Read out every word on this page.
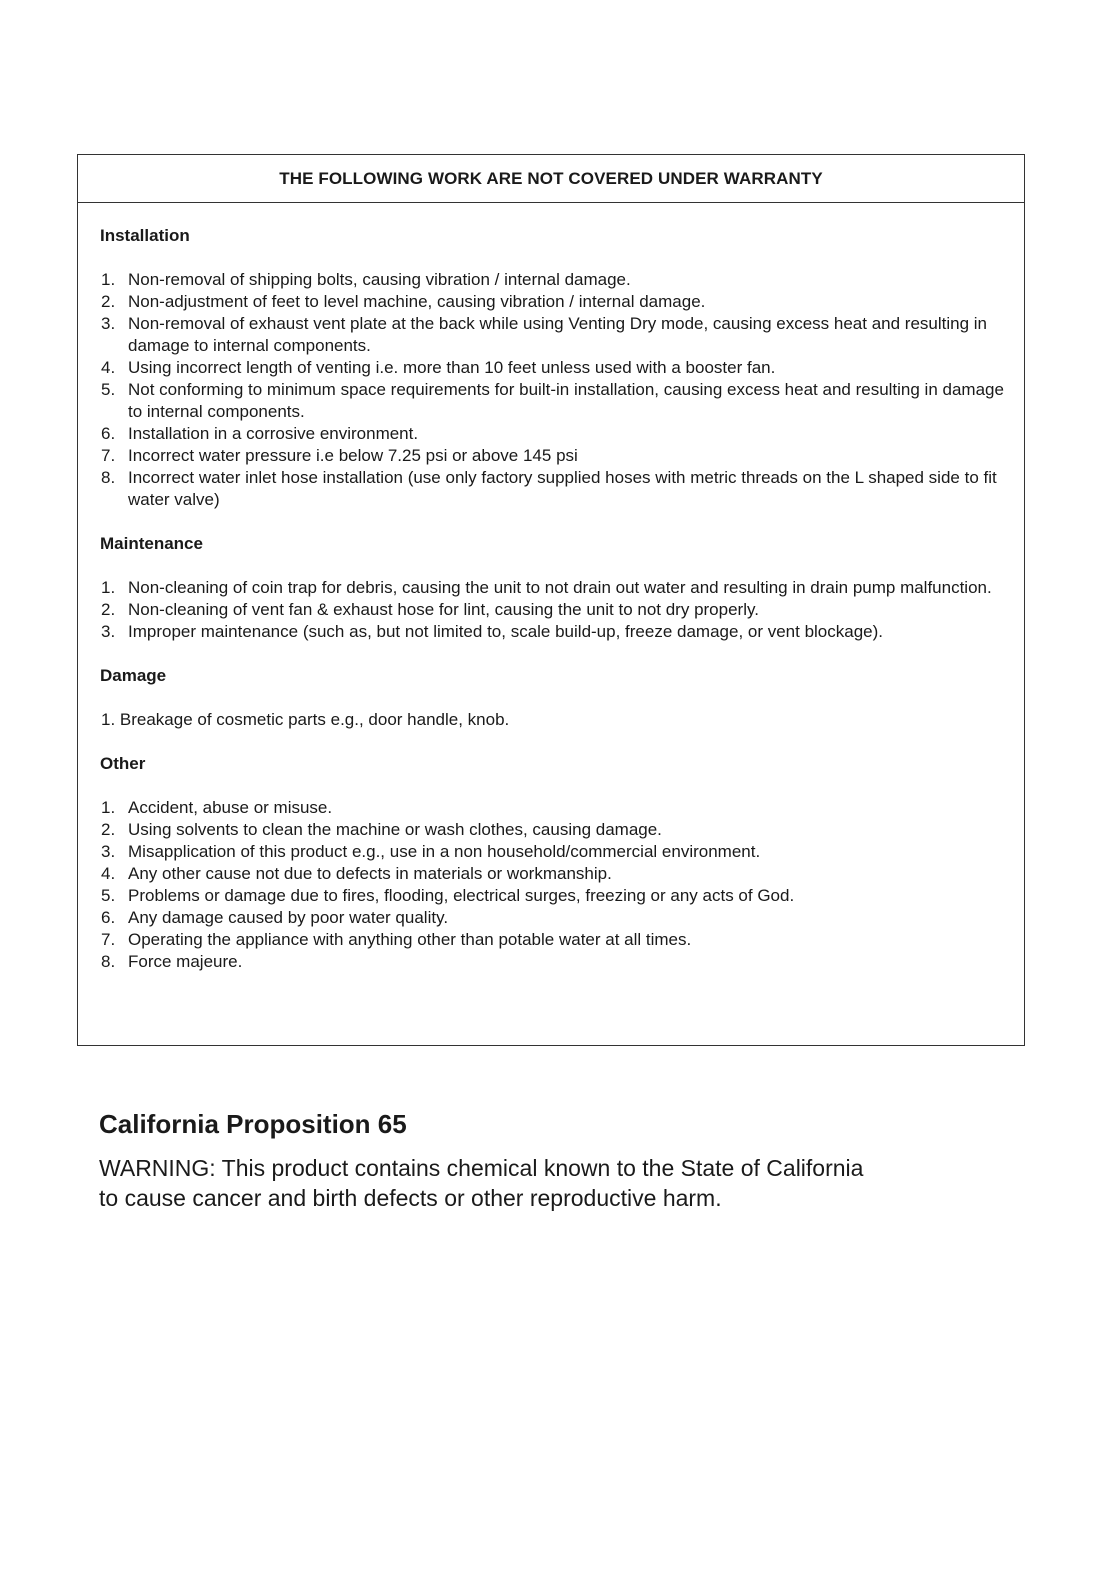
THE FOLLOWING WORK ARE NOT COVERED UNDER WARRANTY
Installation
1. Non-removal of shipping bolts, causing vibration / internal damage.
2. Non-adjustment of feet to level machine, causing vibration / internal damage.
3. Non-removal of exhaust vent plate at the back while using Venting Dry mode, causing excess heat and resulting in damage to internal components.
4. Using incorrect length of venting i.e. more than 10 feet unless used with a booster fan.
5. Not conforming to minimum space requirements for built-in installation, causing excess heat and resulting in damage to internal components.
6. Installation in a corrosive environment.
7. Incorrect water pressure i.e below 7.25 psi or above 145 psi
8. Incorrect water inlet hose installation (use only factory supplied hoses with metric threads on the L shaped side to fit water valve)
Maintenance
1. Non-cleaning of coin trap for debris, causing the unit to not drain out water and resulting in drain pump malfunction.
2. Non-cleaning of vent fan & exhaust hose for lint, causing the unit to not dry properly.
3. Improper maintenance (such as, but not limited to, scale build-up, freeze damage, or vent blockage).
Damage
1. Breakage of cosmetic parts e.g., door handle, knob.
Other
1. Accident, abuse or misuse.
2. Using solvents to clean the machine or wash clothes, causing damage.
3. Misapplication of this product e.g., use in a non household/commercial environment.
4. Any other cause not due to defects in materials or workmanship.
5. Problems or damage due to fires, flooding, electrical surges, freezing or any acts of God.
6. Any damage caused by poor water quality.
7. Operating the appliance with anything other than potable water at all times.
8. Force majeure.
California Proposition 65
WARNING: This product contains chemical known to the State of California
to cause cancer and birth defects or other reproductive harm.
